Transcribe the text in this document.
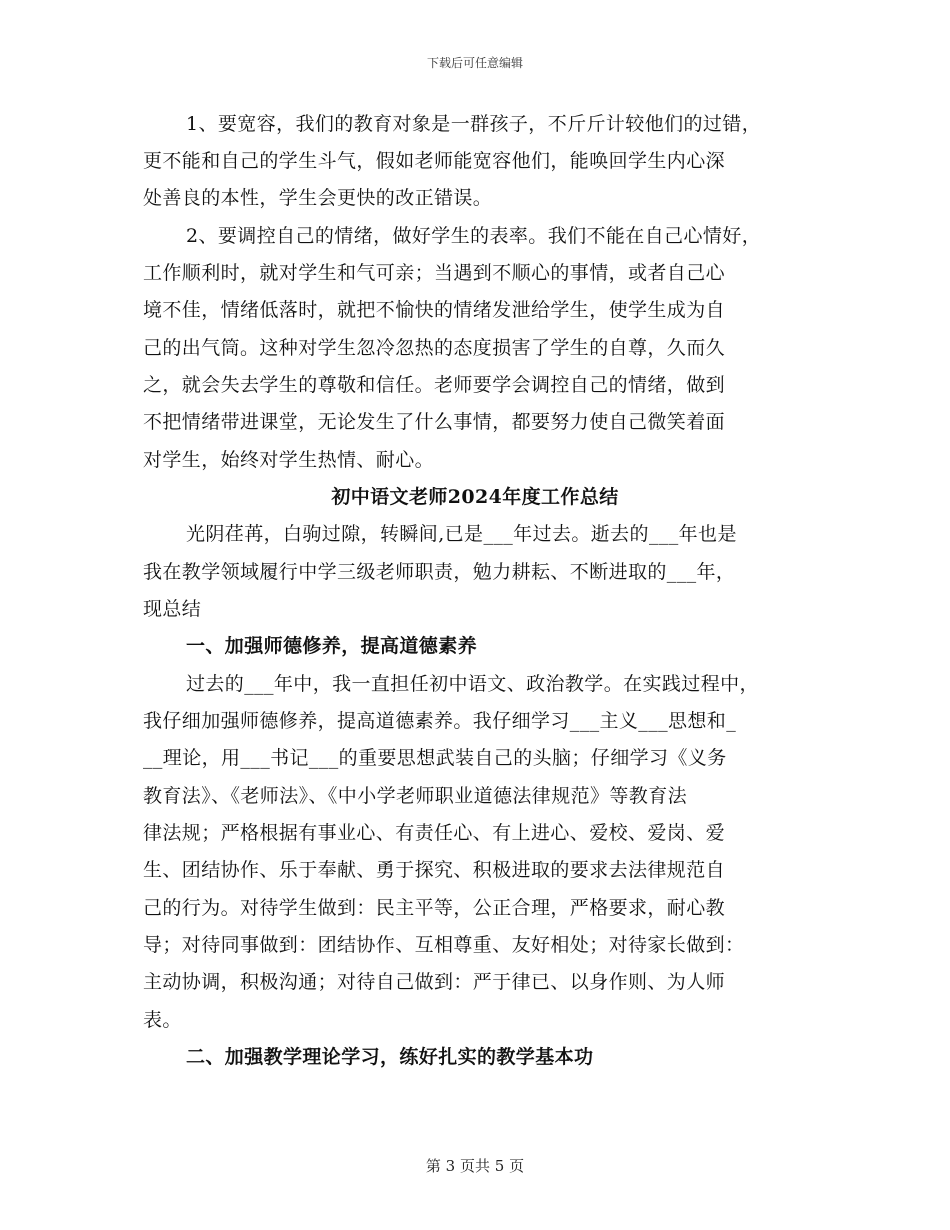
下载后可任意编辑
1、要宽容，我们的教育对象是一群孩子，不斤斤计较他们的过错，
更不能和自己的学生斗气，假如老师能宽容他们，能唤回学生内心深
处善良的本性，学生会更快的改正错误。
2、要调控自己的情绪，做好学生的表率。我们不能在自己心情好，
工作顺利时，就对学生和气可亲；当遇到不顺心的事情，或者自己心
境不佳，情绪低落时，就把不愉快的情绪发泄给学生，使学生成为自
己的出气筒。这种对学生忽冷忽热的态度损害了学生的自尊，久而久
之，就会失去学生的尊敬和信任。老师要学会调控自己的情绪，做到
不把情绪带进课堂，无论发生了什么事情，都要努力使自己微笑着面
对学生，始终对学生热情、耐心。
初中语文老师2024年度工作总结
光阴荏苒，白驹过隙，转瞬间,已是___年过去。逝去的___年也是
我在教学领域履行中学三级老师职责，勉力耕耘、不断进取的___年，
现总结
一、加强师德修养，提高道德素养
过去的___年中，我一直担任初中语文、政治教学。在实践过程中，
我仔细加强师德修养，提高道德素养。我仔细学习___主义___思想和_
__理论，用___书记___的重要思想武装自己的头脑；仔细学习《义务
教育法》、《老师法》、《中小学老师职业道德法律规范》等教育法
律法规；严格根据有事业心、有责任心、有上进心、爱校、爱岗、爱
生、团结协作、乐于奉献、勇于探究、积极进取的要求去法律规范自
己的行为。对待学生做到：民主平等，公正合理，严格要求，耐心教
导；对待同事做到：团结协作、互相尊重、友好相处；对待家长做到：
主动协调，积极沟通；对待自己做到：严于律已、以身作则、为人师
表。
二、加强教学理论学习，练好扎实的教学基本功
第 3 页共 5 页
